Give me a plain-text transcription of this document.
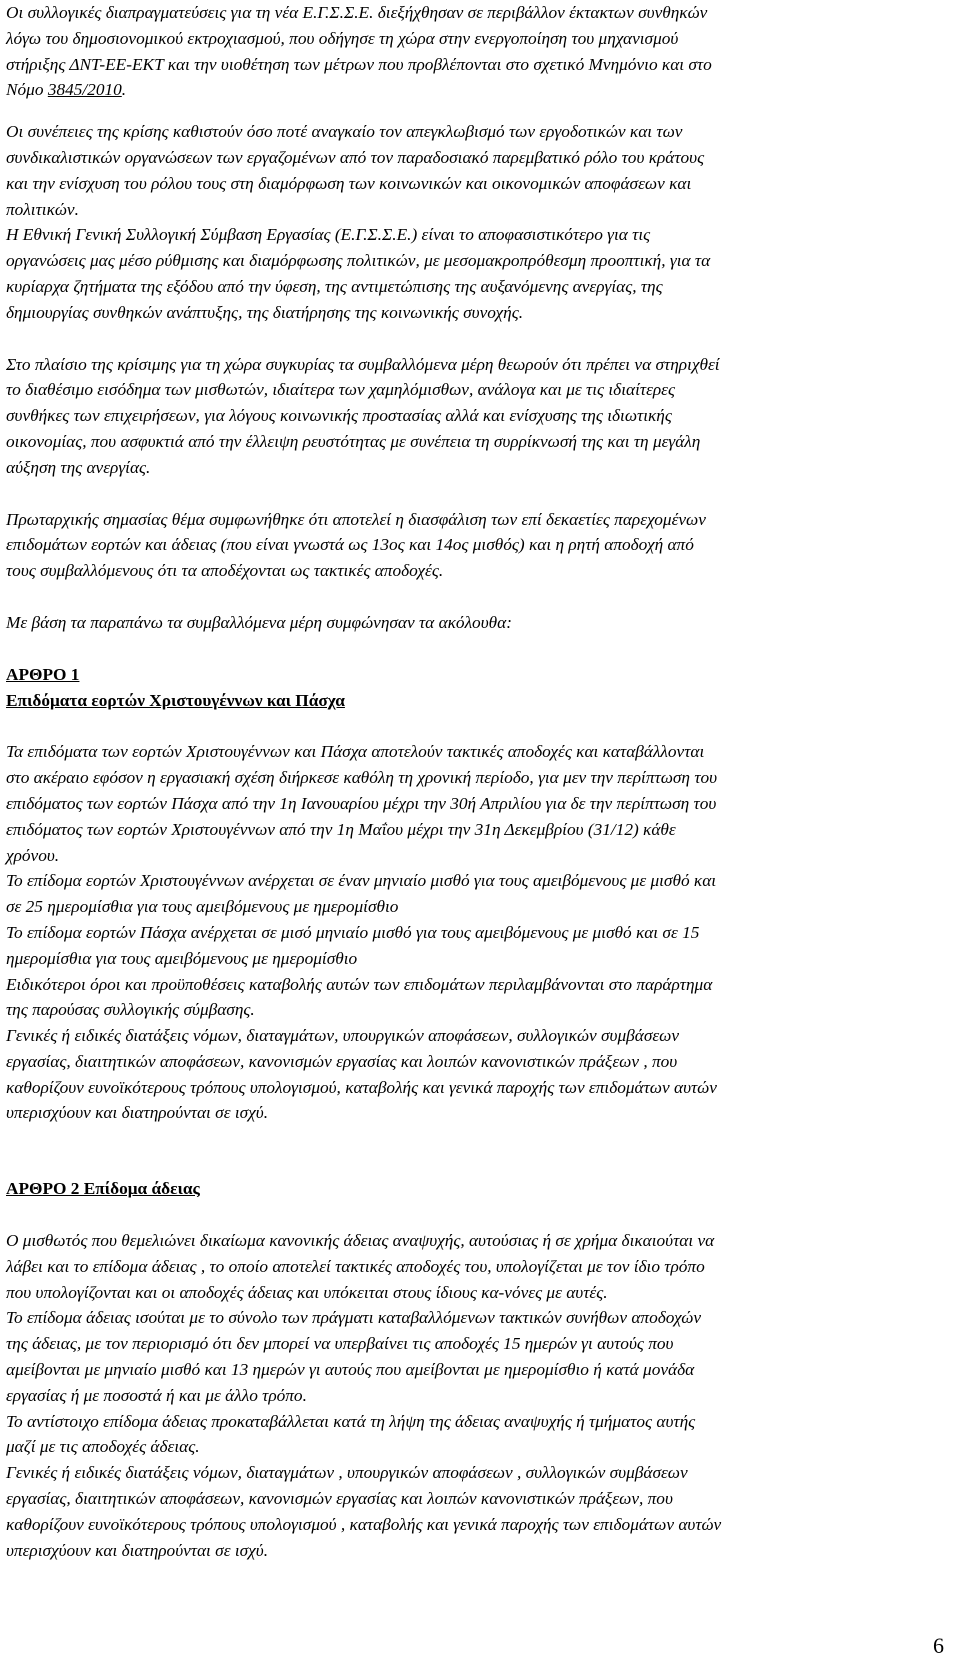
Οι συλλογικές διαπραγματεύσεις για τη νέα Ε.Γ.Σ.Σ.Ε. διεξήχθησαν σε περιβάλλον έκτακτων συνθηκών
λόγω του δημοσιονομικού εκτροχιασμού, που οδήγησε τη χώρα στην ενεργοποίηση του μηχανισμού
στήριξης ΔΝΤ-ΕΕ-ΕΚΤ και την υιοθέτηση των μέτρων που προβλέπονται στο σχετικό Μνημόνιο και στο
Νόμο 3845/2010.
Οι συνέπειες της κρίσης καθιστούν όσο ποτέ αναγκαίο τον απεγκλωβισμό των εργοδοτικών και των
συνδικαλιστικών οργανώσεων των εργαζομένων από τον παραδοσιακό παρεμβατικό ρόλο του κράτους
και την ενίσχυση του ρόλου τους στη διαμόρφωση των κοινωνικών και οικονομικών αποφάσεων και
πολιτικών.
Η Εθνική Γενική Συλλογική Σύμβαση Εργασίας (Ε.Γ.Σ.Σ.Ε.) είναι το αποφασιστικότερο για τις
οργανώσεις μας μέσο ρύθμισης και διαμόρφωσης πολιτικών, με μεσομακροπρόθεσμη προοπτική, για τα
κυρίαρχα ζητήματα της εξόδου από την ύφεση, της αντιμετώπισης της αυξανόμενης ανεργίας, της
δημιουργίας συνθηκών ανάπτυξης, της διατήρησης της κοινωνικής συνοχής.
Στο πλαίσιο της κρίσιμης για τη χώρα συγκυρίας τα συμβαλλόμενα μέρη θεωρούν ότι πρέπει να στηριχθεί
το διαθέσιμο εισόδημα των μισθωτών, ιδιαίτερα των χαμηλόμισθων, ανάλογα και με τις ιδιαίτερες
συνθήκες των επιχειρήσεων, για λόγους κοινωνικής προστασίας αλλά και ενίσχυσης της ιδιωτικής
οικονομίας, που ασφυκτιά από την έλλειψη ρευστότητας με συνέπεια τη συρρίκνωσή της και τη μεγάλη
αύξηση της ανεργίας.
Πρωταρχικής σημασίας θέμα συμφωνήθηκε ότι αποτελεί η διασφάλιση των επί δεκαετίες παρεχομένων
επιδομάτων εορτών και άδειας (που είναι γνωστά ως 13ος και 14ος μισθός) και η ρητή αποδοχή από
τους συμβαλλόμενους ότι τα αποδέχονται ως τακτικές αποδοχές.
Με βάση τα παραπάνω τα συμβαλλόμενα μέρη συμφώνησαν τα ακόλουθα:
ΑΡΘΡΟ 1
Επιδόματα εορτών Χριστουγέννων και Πάσχα
Τα επιδόματα των εορτών Χριστουγέννων και Πάσχα αποτελούν τακτικές αποδοχές και καταβάλλονται
στο ακέραιο εφόσον η εργασιακή σχέση διήρκεσε καθόλη τη χρονική περίοδο, για μεν την περίπτωση του
επιδόματος των εορτών Πάσχα από την 1η Ιανουαρίου μέχρι την 30ή Απριλίου για δε την περίπτωση του
επιδόματος των εορτών Χριστουγέννων από την 1η Μαΐου μέχρι την 31η Δεκεμβρίου (31/12) κάθε
χρόνου.
Το επίδομα εορτών Χριστουγέννων ανέρχεται σε έναν μηνιαίο μισθό για τους αμειβόμενους με μισθό και
σε 25 ημερομίσθια για τους αμειβόμενους με ημερομίσθιο
Το επίδομα εορτών Πάσχα ανέρχεται σε μισό μηνιαίο μισθό για τους αμειβόμενους με μισθό και σε 15
ημερομίσθια για τους αμειβόμενους με ημερομίσθιο
Ειδικότεροι όροι και προϋποθέσεις καταβολής αυτών των επιδομάτων περιλαμβάνονται στο παράρτημα
της παρούσας συλλογικής σύμβασης.
Γενικές ή ειδικές διατάξεις νόμων, διαταγμάτων, υπουργικών αποφάσεων, συλλογικών συμβάσεων
εργασίας, διαιτητικών αποφάσεων, κανονισμών εργασίας και λοιπών κανονιστικών πράξεων , που
καθορίζουν ευνοϊκότερους τρόπους υπολογισμού, καταβολής και γενικά παροχής των επιδομάτων αυτών
υπερισχύουν και διατηρούνται σε ισχύ.
ΑΡΘΡΟ 2 Επίδομα άδειας
Ο μισθωτός που θεμελιώνει δικαίωμα κανονικής άδειας αναψυχής, αυτούσιας ή σε χρήμα δικαιούται να
λάβει και το επίδομα άδειας , το οποίο αποτελεί τακτικές αποδοχές του, υπολογίζεται με τον ίδιο τρόπο
που υπολογίζονται και οι αποδοχές άδειας και υπόκειται στους ίδιους κα-νόνες με αυτές.
Το επίδομα άδειας ισούται με το σύνολο των πράγματι καταβαλλόμενων τακτικών συνήθων αποδοχών
της άδειας, με τον περιορισμό ότι δεν μπορεί να υπερβαίνει τις αποδοχές 15 ημερών γι αυτούς που
αμείβονται με μηνιαίο μισθό και 13 ημερών γι αυτούς που αμείβονται με ημερομίσθιο ή κατά μονάδα
εργασίας ή με ποσοστά ή και με άλλο τρόπο.
Το αντίστοιχο επίδομα άδειας προκαταβάλλεται κατά τη λήψη της άδειας αναψυχής ή τμήματος αυτής
μαζί με τις αποδοχές άδειας.
Γενικές ή ειδικές διατάξεις νόμων, διαταγμάτων , υπουργικών αποφάσεων , συλλογικών συμβάσεων
εργασίας, διαιτητικών αποφάσεων, κανονισμών εργασίας και λοιπών κανονιστικών πράξεων, που
καθορίζουν ευνοϊκότερους τρόπους υπολογισμού , καταβολής και γενικά παροχής των επιδομάτων αυτών
υπερισχύουν και διατηρούνται σε ισχύ.
6
